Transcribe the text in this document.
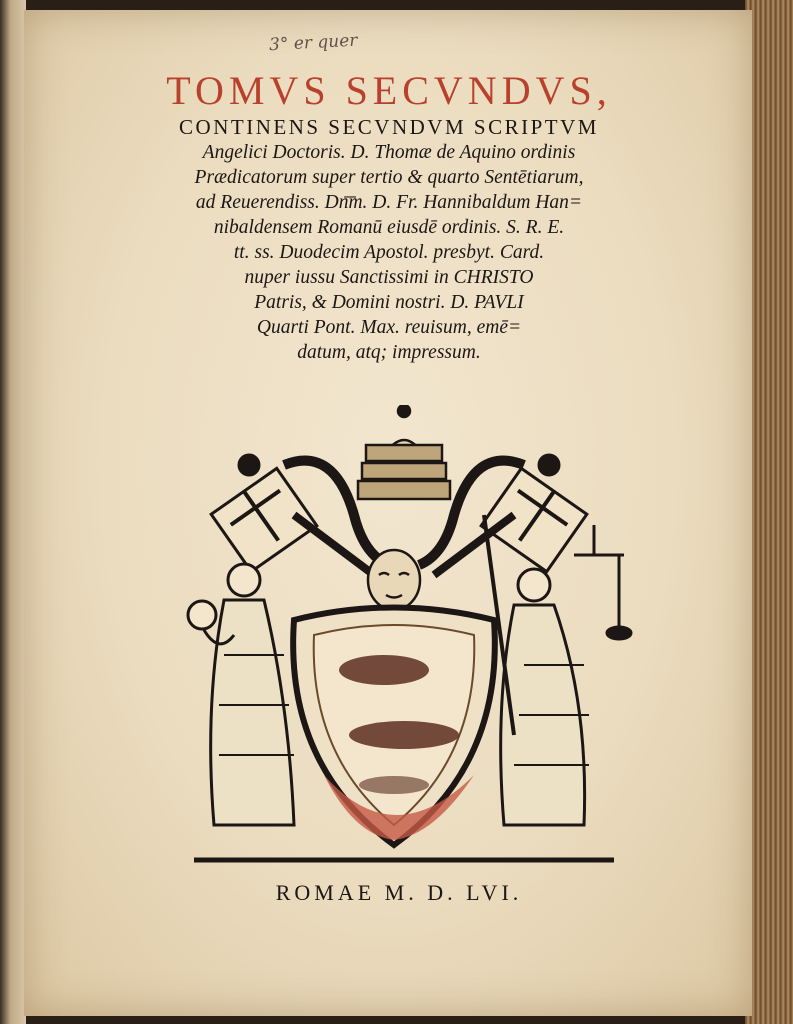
3° er quer

TOMVS SECVNDVS,

CONTINENS SECVNDVM SCRIPTVM

Angelici Doctoris. D. Thomæ de Aquino ordinis

Prædicatorum super tertio & quarto Sentētiarum,

ad Reuerendiss. Dn͞m. D. Fr. Hannibaldum Han=

nibaldensem Romanū eiusdē ordinis. S. R. E.

tt. ss. Duodecim Apostol. presbyt. Card.

nuper iussu Sanctissimi in CHRISTO

Patris, & Domini nostri. D. PAVLI

Quarti Pont. Max. reuisum, emē=

datum, atq; impressum.

ROMAE M. D. LVI.
